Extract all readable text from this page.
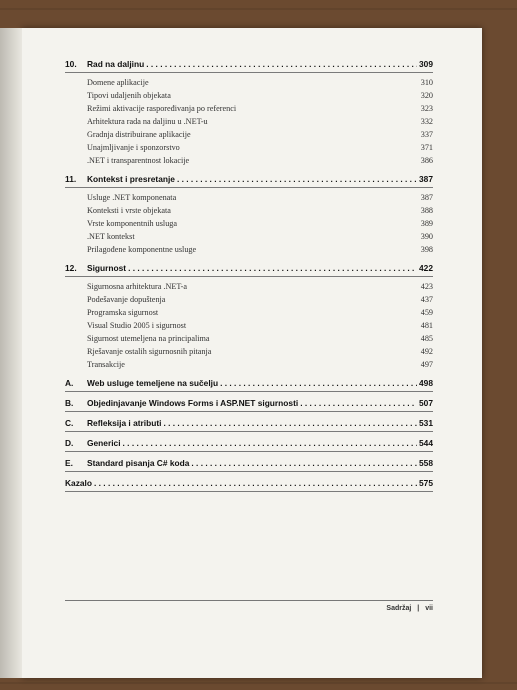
10.	Rad na daljinu . . .	309
Domene aplikacije	310
Tipovi udaljenih objekata	320
Režimi aktivacije raspoređivanja po referenci	323
Arhitektura rada na daljinu u .NET-u	332
Gradnja distribuirane aplikacije	337
Unajmljivanje i sponzorstvo	371
.NET i transparentnost lokacije	386
11.	Kontekst i presretanje . . .	387
Usluge .NET komponenata	387
Konteksti i vrste objekata	388
Vrste komponentnih usluga	389
.NET kontekst	390
Prilagođene komponentne usluge	398
12.	Sigurnost . . .	422
Sigurnosna arhitektura .NET-a	423
Podešavanje dopuštenja	437
Programska sigurnost	459
Visual Studio 2005 i sigurnost	481
Sigurnost utemeljena na principalima	485
Rješavanje ostalih sigurnosnih pitanja	492
Transakcije	497
A.	Web usluge temeljene na sučelju . . .	498
B.	Objedinjavanje Windows Forms i ASP.NET sigurnosti . . .	507
C.	Refleksija i atributi . . .	531
D.	Generici . . .	544
E.	Standard pisanja C# koda . . .	558
Kazalo . . .	575
Sadržaj | vii
